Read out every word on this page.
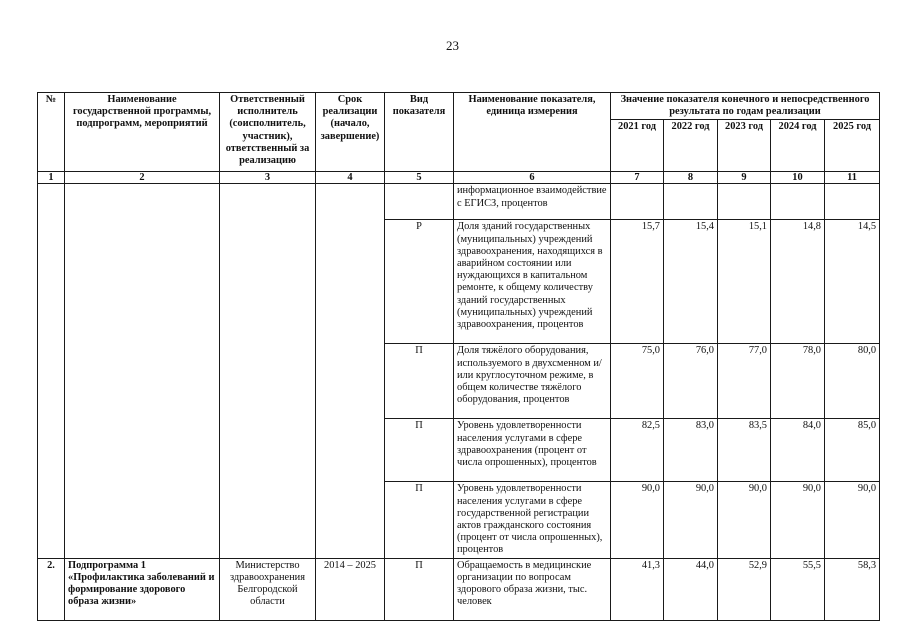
23
№	Наименование государственной программы, подпрограмм, мероприятий	Ответственный исполнитель (соисполнитель, участник), ответственный за реализацию	Срок реализации (начало, завершение)	Вид показателя	Наименование показателя, единица измерения	Значение показателя конечного и непосредственного результата по годам реализации				
						2021 год	2022 год	2023 год	2024 год	2025 год
1	2	3	4	5	6	7	8	9	10	11
					информационное взаимодействие с ЕГИСЗ, процентов					
				Р	Доля зданий государственных (муниципальных) учреждений здравоохранения, находящихся в аварийном состоянии или нуждающихся в капитальном ремонте, к общему количеству зданий государственных (муниципальных) учреждений здравоохранения, процентов	15,7	15,4	15,1	14,8	14,5
				П	Доля тяжёлого оборудования, используемого в двухсменном и/или круглосуточном режиме, в общем количестве тяжёлого оборудования, процентов	75,0	76,0	77,0	78,0	80,0
				П	Уровень удовлетворенности населения услугами в сфере здравоохранения (процент от числа опрошенных), процентов	82,5	83,0	83,5	84,0	85,0
				П	Уровень удовлетворенности населения услугами в сфере государственной регистрации актов гражданского состояния (процент от числа опрошенных), процентов	90,0	90,0	90,0	90,0	90,0
2.	Подпрограмма 1 «Профилактика заболеваний и формирование здорового образа жизни»	Министерство здравоохранения Белгородской области	2014 – 2025	П	Обращаемость в медицинские организации по вопросам здорового образа жизни, тыс. человек	41,3	44,0	52,9	55,5	58,3
